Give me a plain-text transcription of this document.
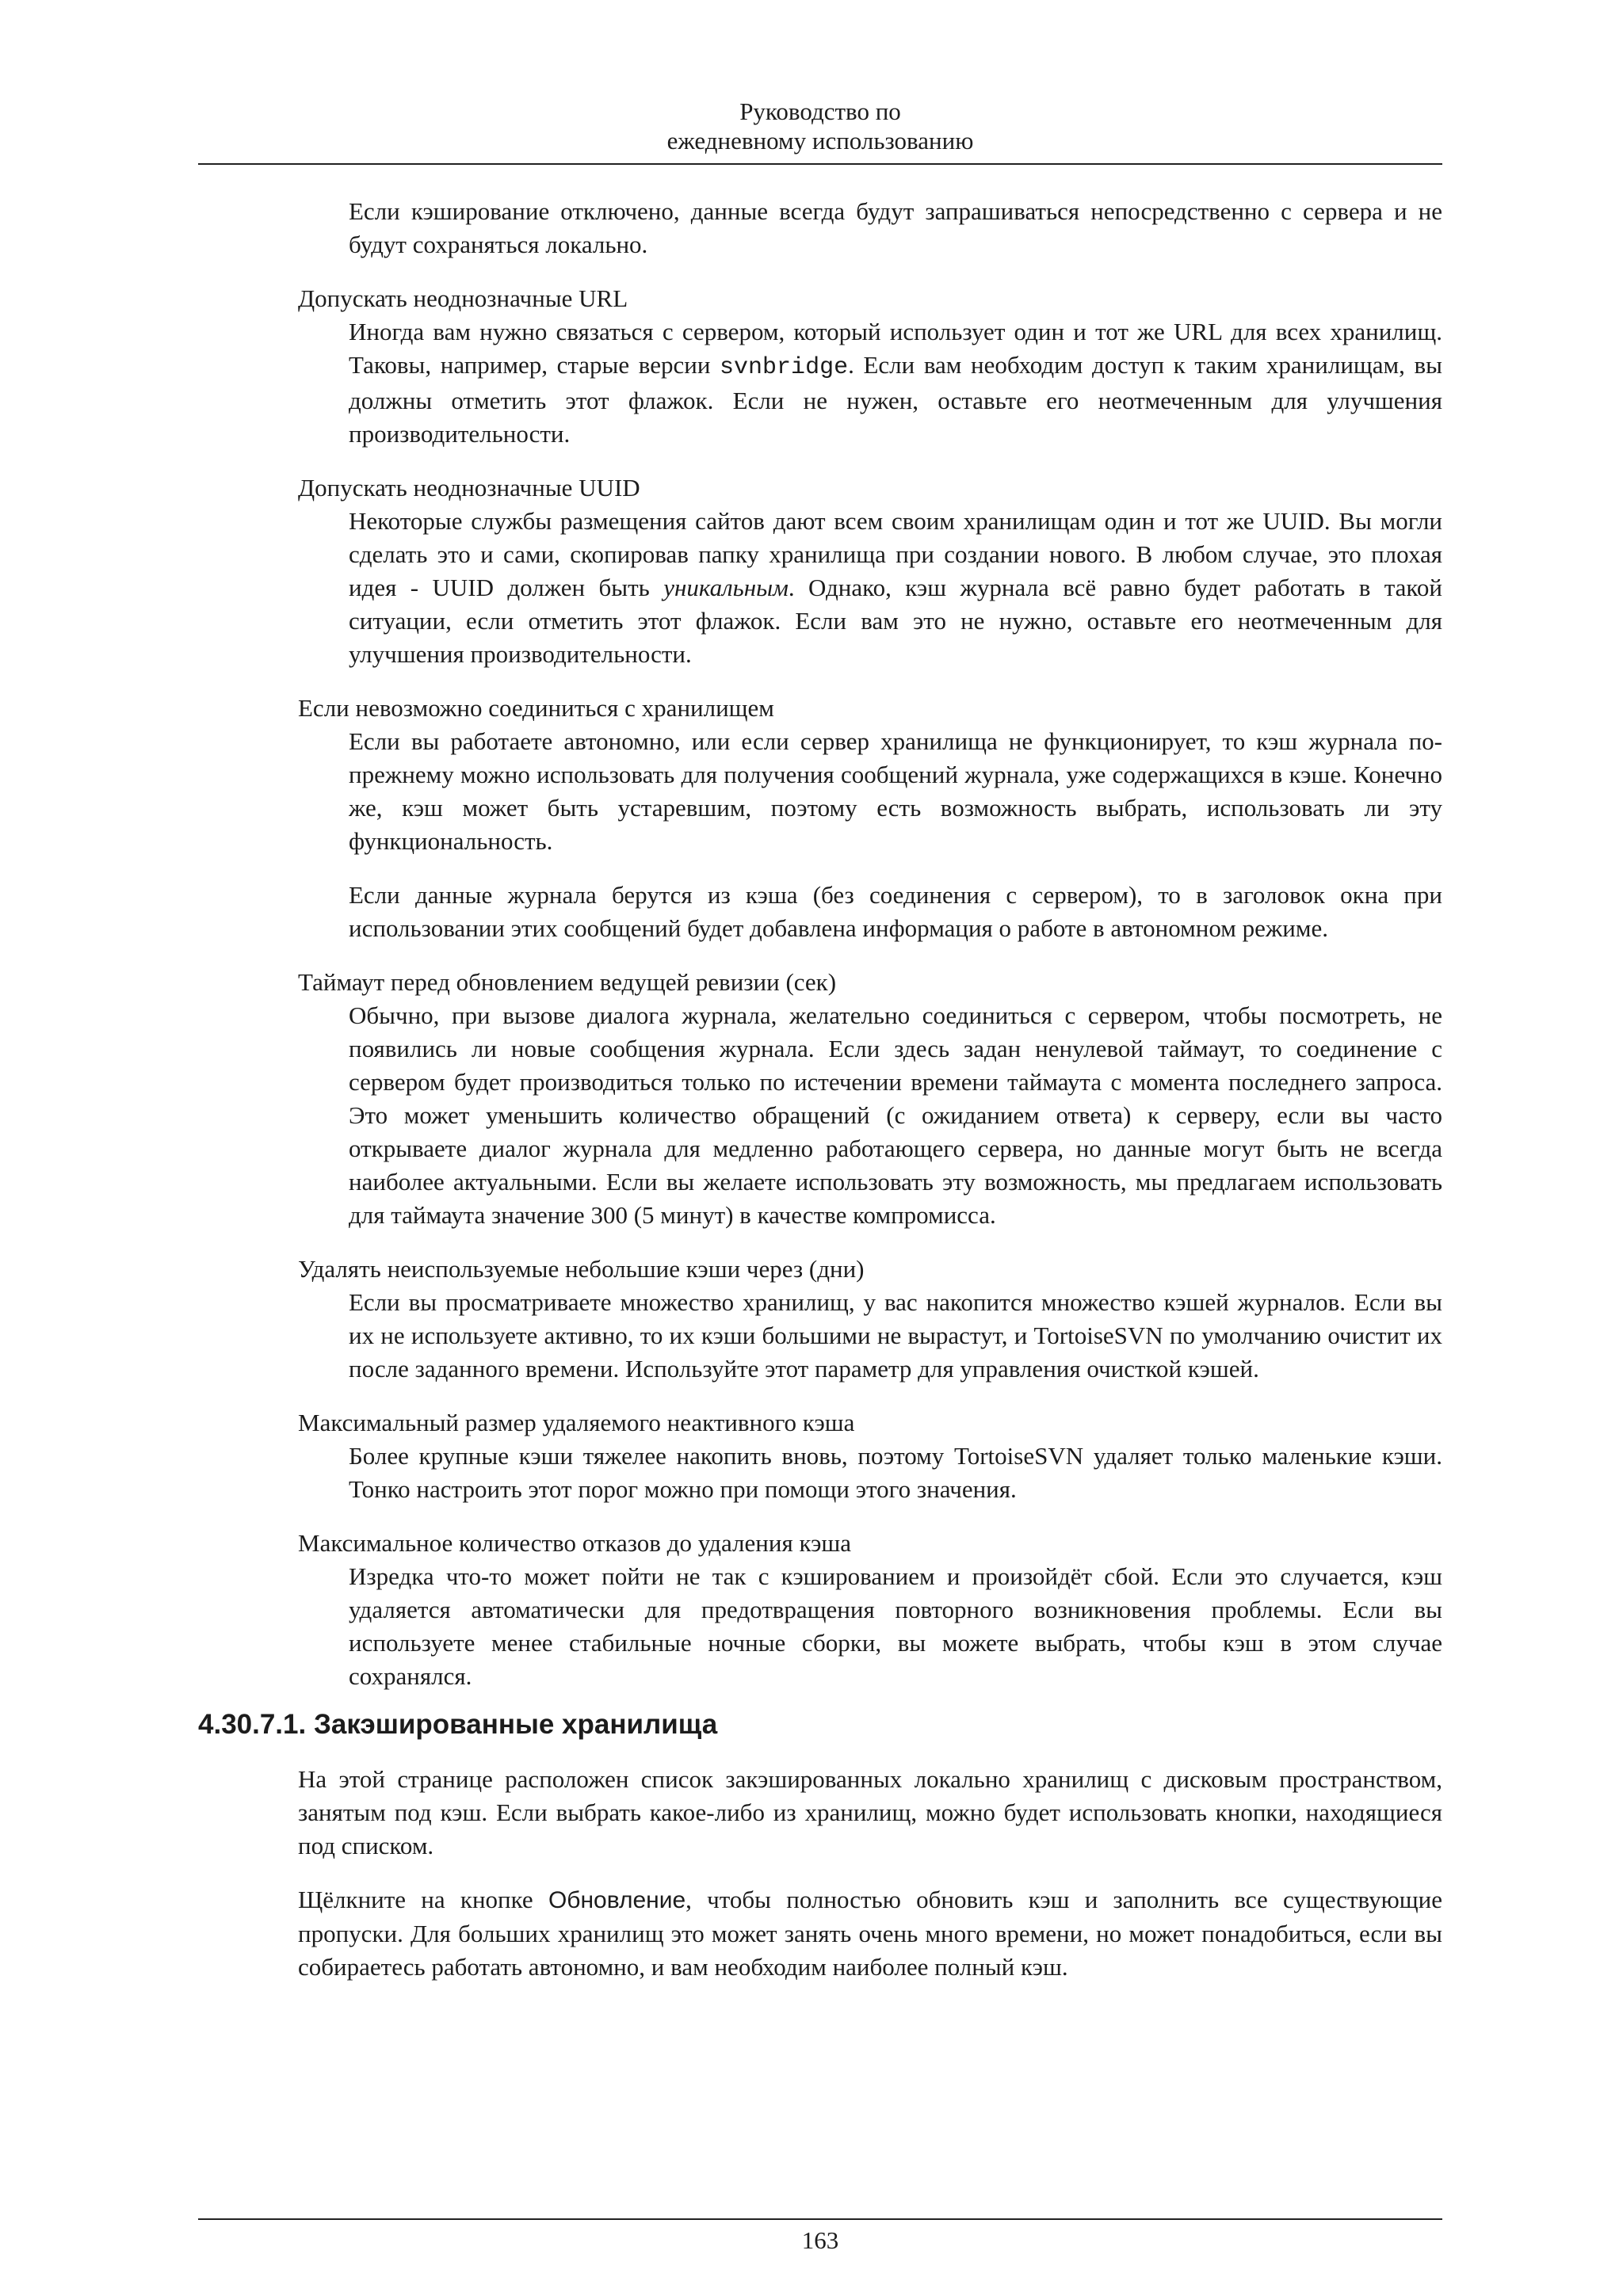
Руководство по
ежедневному использованию

Если кэширование отключено, данные всегда будут запрашиваться непосредственно с сервера и не будут сохраняться локально.

Допускать неоднозначные URL

Иногда вам нужно связаться с сервером, который использует один и тот же URL для всех хранилищ. Таковы, например, старые версии svnbridge. Если вам необходим доступ к таким хранилищам, вы должны отметить этот флажок. Если не нужен, оставьте его неотмеченным для улучшения производительности.

Допускать неоднозначные UUID

Некоторые службы размещения сайтов дают всем своим хранилищам один и тот же UUID. Вы могли сделать это и сами, скопировав папку хранилища при создании нового. В любом случае, это плохая идея - UUID должен быть уникальным. Однако, кэш журнала всё равно будет работать в такой ситуации, если отметить этот флажок. Если вам это не нужно, оставьте его неотмеченным для улучшения производительности.

Если невозможно соединиться с хранилищем

Если вы работаете автономно, или если сервер хранилища не функционирует, то кэш журнала по-прежнему можно использовать для получения сообщений журнала, уже содержащихся в кэше. Конечно же, кэш может быть устаревшим, поэтому есть возможность выбрать, использовать ли эту функциональность.

Если данные журнала берутся из кэша (без соединения с сервером), то в заголовок окна при использовании этих сообщений будет добавлена информация о работе в автономном режиме.

Таймаут перед обновлением ведущей ревизии (сек)

Обычно, при вызове диалога журнала, желательно соединиться с сервером, чтобы посмотреть, не появились ли новые сообщения журнала. Если здесь задан ненулевой таймаут, то соединение с сервером будет производиться только по истечении времени таймаута с момента последнего запроса. Это может уменьшить количество обращений (с ожиданием ответа) к серверу, если вы часто открываете диалог журнала для медленно работающего сервера, но данные могут быть не всегда наиболее актуальными. Если вы желаете использовать эту возможность, мы предлагаем использовать для таймаута значение 300 (5 минут) в качестве компромисса.

Удалять неиспользуемые небольшие кэши через (дни)

Если вы просматриваете множество хранилищ, у вас накопится множество кэшей журналов. Если вы их не используете активно, то их кэши большими не вырастут, и TortoiseSVN по умолчанию очистит их после заданного времени. Используйте этот параметр для управления очисткой кэшей.

Максимальный размер удаляемого неактивного кэша

Более крупные кэши тяжелее накопить вновь, поэтому TortoiseSVN удаляет только маленькие кэши. Тонко настроить этот порог можно при помощи этого значения.

Максимальное количество отказов до удаления кэша

Изредка что-то может пойти не так с кэшированием и произойдёт сбой. Если это случается, кэш удаляется автоматически для предотвращения повторного возникновения проблемы. Если вы используете менее стабильные ночные сборки, вы можете выбрать, чтобы кэш в этом случае сохранялся.

4.30.7.1. Закэшированные хранилища

На этой странице расположен список закэшированных локально хранилищ с дисковым пространством, занятым под кэш. Если выбрать какое-либо из хранилищ, можно будет использовать кнопки, находящиеся под списком.

Щёлкните на кнопке Обновление, чтобы полностью обновить кэш и заполнить все существующие пропуски. Для больших хранилищ это может занять очень много времени, но может понадобиться, если вы собираетесь работать автономно, и вам необходим наиболее полный кэш.

163
